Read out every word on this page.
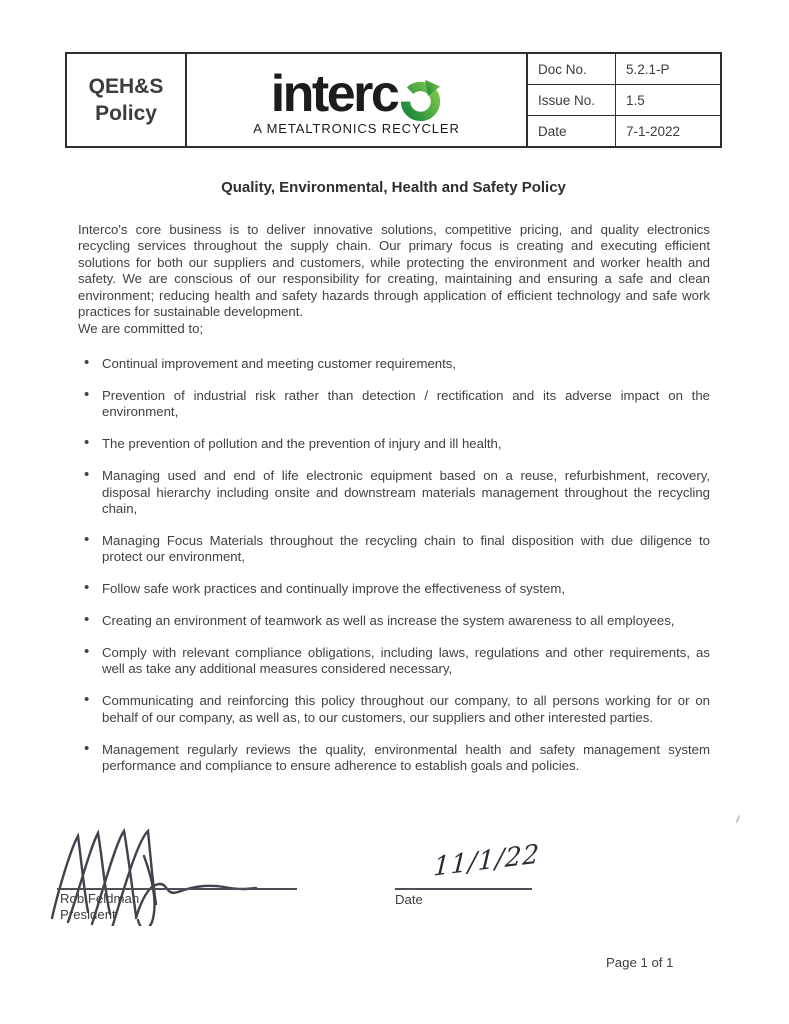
QEH&S
Policy interc
A METALTRONICS RECYCLER
Doc No.	5.2.1-P
Issue No.	1.5
Date	7-1-2022
Quality, Environmental, Health and Safety Policy
Interco's core business is to deliver innovative solutions, competitive pricing, and quality electronics recycling services throughout the supply chain. Our primary focus is creating and executing efficient solutions for both our suppliers and customers, while protecting the environment and worker health and safety. We are conscious of our responsibility for creating, maintaining and ensuring a safe and clean environment; reducing health and safety hazards through application of efficient technology and safe work practices for sustainable development.
We are committed to;
• Continual improvement and meeting customer requirements,
• Prevention of industrial risk rather than detection / rectification and its adverse impact on the environment,
• The prevention of pollution and the prevention of injury and ill health,
• Managing used and end of life electronic equipment based on a reuse, refurbishment, recovery, disposal hierarchy including onsite and downstream materials management throughout the recycling chain,
• Managing Focus Materials throughout the recycling chain to final disposition with due diligence to protect our environment,
• Follow safe work practices and continually improve the effectiveness of system,
• Creating an environment of teamwork as well as increase the system awareness to all employees,
• Comply with relevant compliance obligations, including laws, regulations and other requirements, as well as take any additional measures considered necessary,
• Communicating and reinforcing this policy throughout our company, to all persons working for or on behalf of our company, as well as, to our customers, our suppliers and other interested parties.
• Management regularly reviews the quality, environmental health and safety management system performance and compliance to ensure adherence to establish goals and policies.
Rob Feldman
President
11/1/22
Date
Page 1 of 1
